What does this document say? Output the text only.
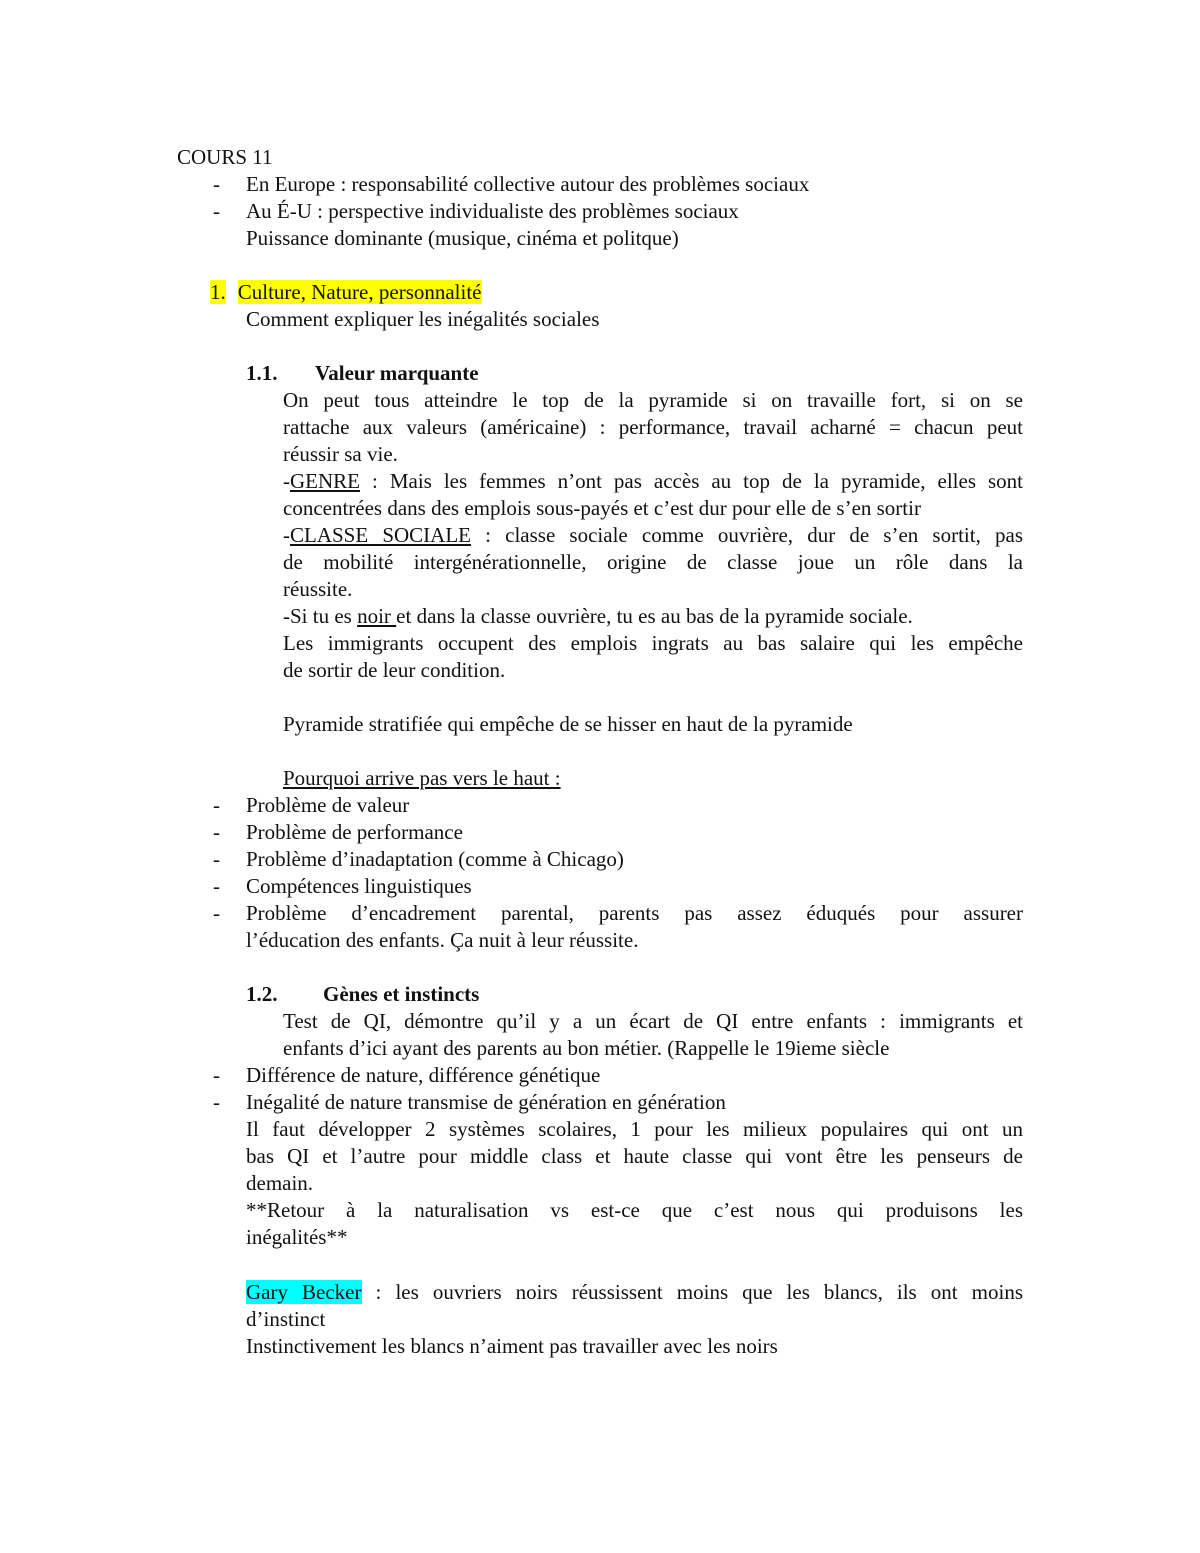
COURS 11
- En Europe : responsabilité collective autour des problèmes sociaux
- Au É-U : perspective individualiste des problèmes sociaux
Puissance dominante (musique, cinéma et politque)
1. Culture, Nature, personnalité
Comment expliquer les inégalités sociales
1.1. Valeur marquante
On peut tous atteindre le top de la pyramide si on travaille fort, si on se
rattache aux valeurs (américaine) : performance, travail acharné = chacun peut
réussir sa vie.
-GENRE : Mais les femmes n’ont pas accès au top de la pyramide, elles sont
concentrées dans des emplois sous-payés et c’est dur pour elle de s’en sortir
-CLASSE SOCIALE : classe sociale comme ouvrière, dur de s’en sortit, pas
de mobilité intergénérationnelle, origine de classe joue un rôle dans la
réussite.
-Si tu es noir et dans la classe ouvrière, tu es au bas de la pyramide sociale.
Les immigrants occupent des emplois ingrats au bas salaire qui les empêche
de sortir de leur condition.
Pyramide stratifiée qui empêche de se hisser en haut de la pyramide
Pourquoi arrive pas vers le haut :
- Problème de valeur
- Problème de performance
- Problème d’inadaptation (comme à Chicago)
- Compétences linguistiques
- Problème d’encadrement parental, parents pas assez éduqués pour assurer
l’éducation des enfants. Ça nuit à leur réussite.
1.2. Gènes et instincts
Test de QI, démontre qu’il y a un écart de QI entre enfants : immigrants et
enfants d’ici ayant des parents au bon métier. (Rappelle le 19ieme siècle
- Différence de nature, différence génétique
- Inégalité de nature transmise de génération en génération
Il faut développer 2 systèmes scolaires, 1 pour les milieux populaires qui ont un
bas QI et l’autre pour middle class et haute classe qui vont être les penseurs de
demain.
**Retour à la naturalisation vs est-ce que c’est nous qui produisons les
inégalités**
Gary Becker : les ouvriers noirs réussissent moins que les blancs, ils ont moins
d’instinct
Instinctivement les blancs n’aiment pas travailler avec les noirs
